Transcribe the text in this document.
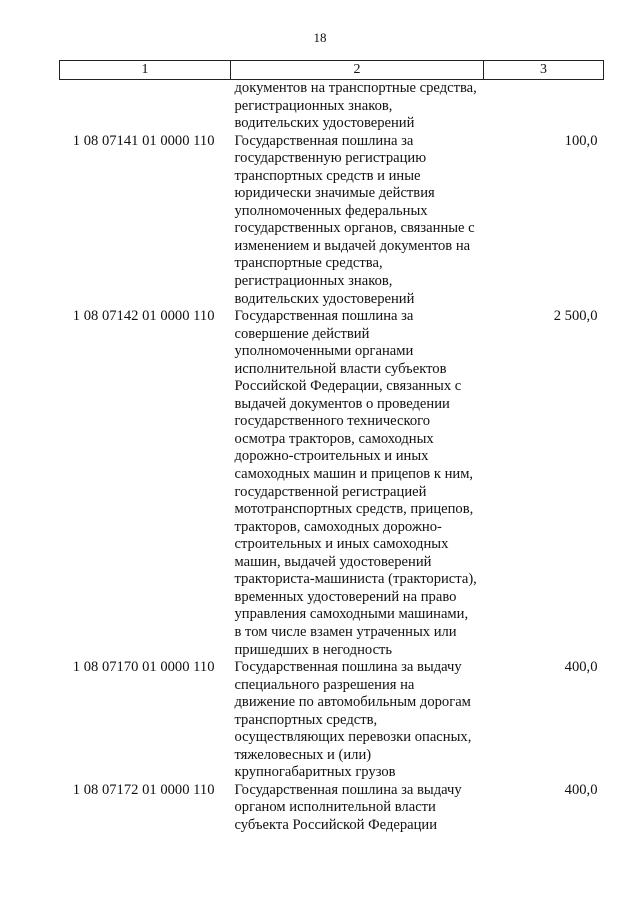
18
1	2	3
	документов на транспортные средства, регистрационных знаков, водительских удостоверений	
1 08 07141 01 0000 110	Государственная пошлина за государственную регистрацию транспортных средств и иные юридически значимые действия уполномоченных федеральных государственных органов, связанные с изменением и выдачей документов на транспортные средства, регистрационных знаков, водительских удостоверений	100,0
1 08 07142 01 0000 110	Государственная пошлина за совершение действий уполномоченными органами исполнительной власти субъектов Российской Федерации, связанных с выдачей документов о проведении государственного технического осмотра тракторов, самоходных дорожно-строительных и иных самоходных машин и прицепов к ним, государственной регистрацией мототранспортных средств, прицепов, тракторов, самоходных дорожно-строительных и иных самоходных машин, выдачей удостоверений тракториста-машиниста (тракториста), временных удостоверений на право управления самоходными машинами, в том числе взамен утраченных или пришедших в негодность	2 500,0
1 08 07170 01 0000 110	Государственная пошлина за выдачу специального разрешения на движение по автомобильным дорогам транспортных средств, осуществляющих перевозки опасных, тяжеловесных и (или) крупногабаритных грузов	400,0
1 08 07172 01 0000 110	Государственная пошлина за выдачу органом исполнительной власти субъекта Российской Федерации	400,0
